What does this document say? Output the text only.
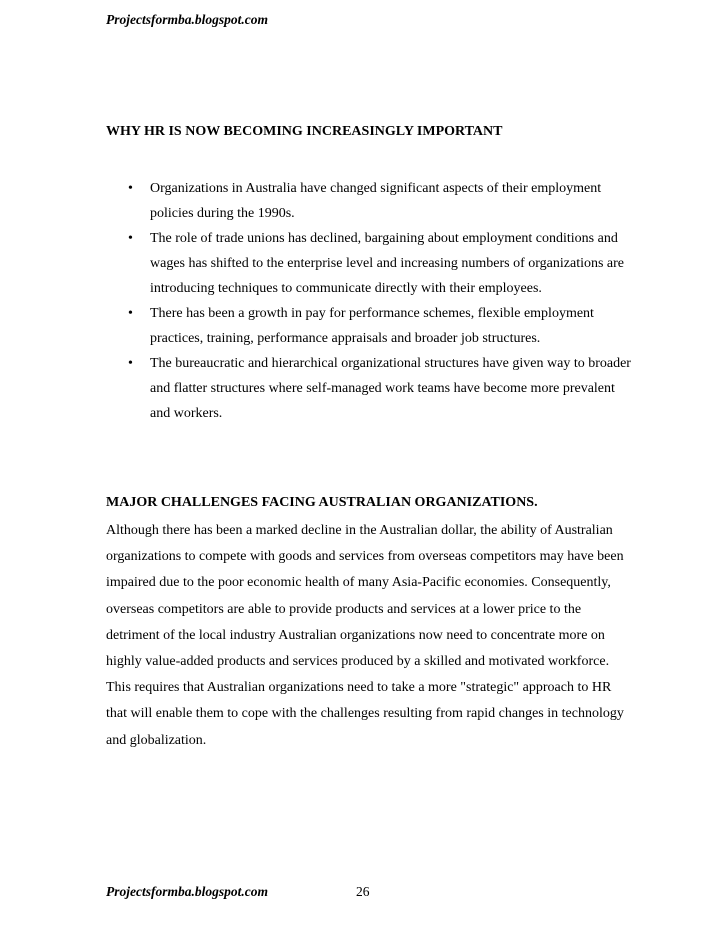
Projectsformba.blogspot.com
WHY HR IS NOW BECOMING INCREASINGLY IMPORTANT
• Organizations in Australia have changed significant aspects of their employment policies during the 1990s.
• The role of trade unions has declined, bargaining about employment conditions and wages has shifted to the enterprise level and increasing numbers of organizations are introducing techniques to communicate directly with their employees.
• There has been a growth in pay for performance schemes, flexible employment practices, training, performance appraisals and broader job structures.
• The bureaucratic and hierarchical organizational structures have given way to broader and flatter structures where self-managed work teams have become more prevalent and workers.
MAJOR CHALLENGES FACING AUSTRALIAN ORGANIZATIONS.

Although there has been a marked decline in the Australian dollar, the ability of Australian organizations to compete with goods and services from overseas competitors may have been impaired due to the poor economic health of many Asia-Pacific economies. Consequently, overseas competitors are able to provide products and services at a lower price to the detriment of the local industry Australian organizations now need to concentrate more on highly value-added products and services produced by a skilled and motivated workforce. This requires that Australian organizations need to take a more "strategic" approach to HR that will enable them to cope with the challenges resulting from rapid changes in technology and globalization.

Projectsformba.blogspot.com	26
